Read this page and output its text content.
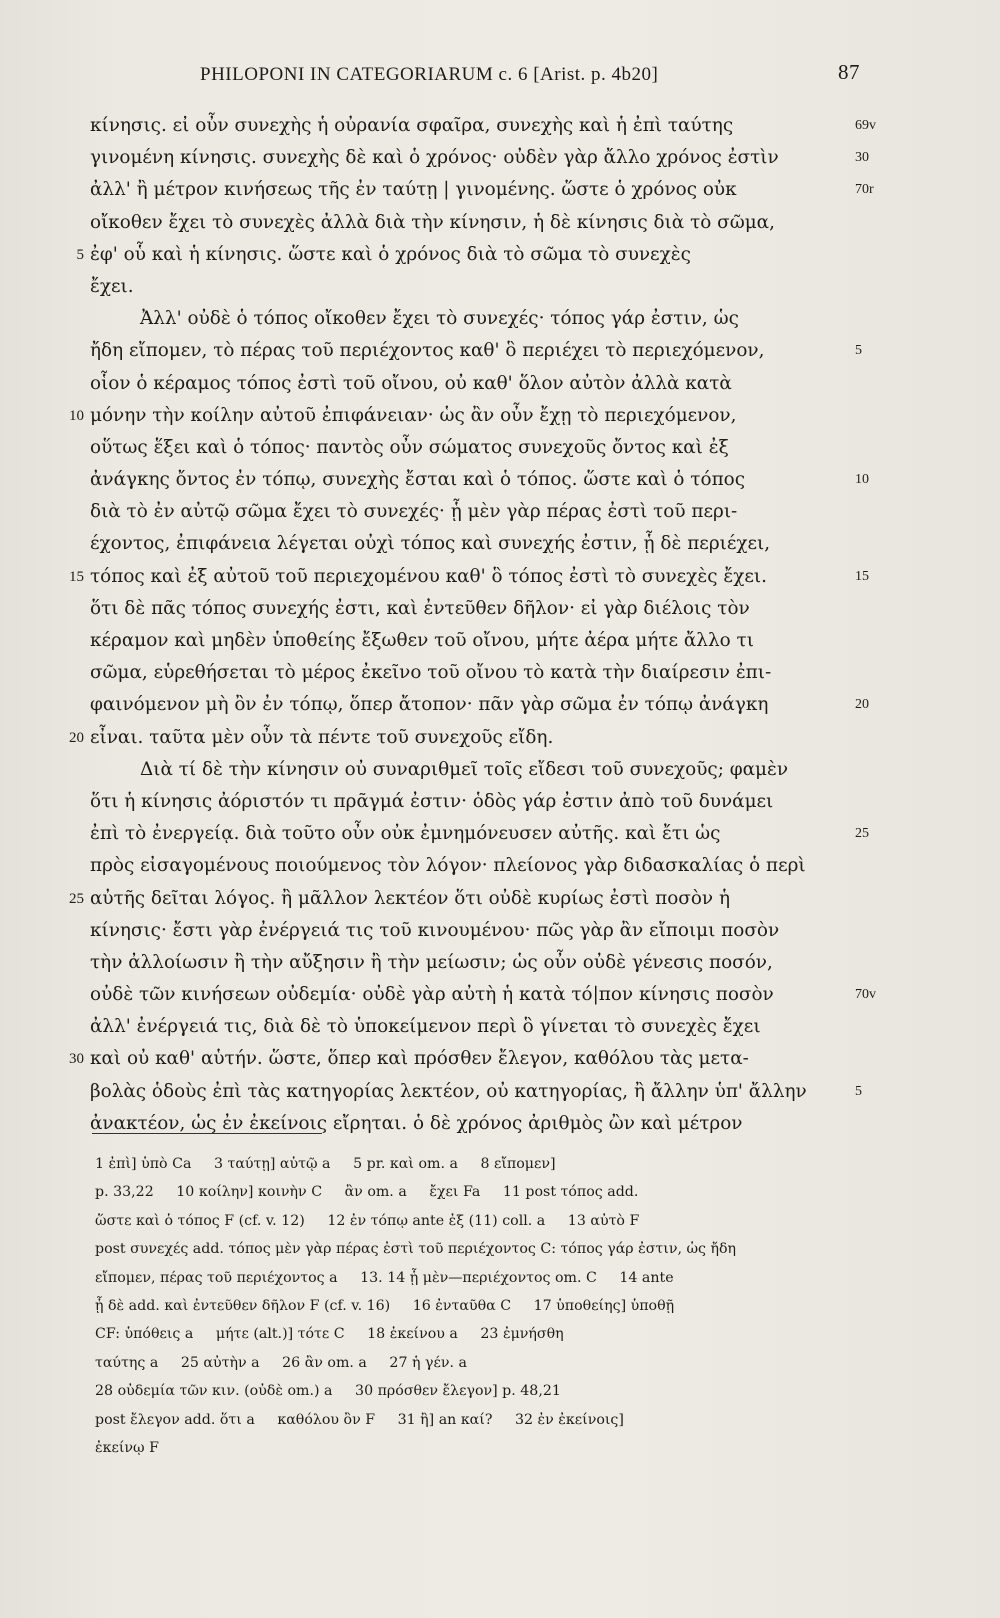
PHILOPONI IN CATEGORIARUM c. 6 [Arist. p. 4b20]	87
κίνησις. εἰ οὖν συνεχὴς ἡ οὐρανία σφαῖρα, συνεχὴς καὶ ἡ ἐπὶ ταύτης	69v
γινομένη κίνησις. συνεχὴς δὲ καὶ ὁ χρόνος· οὐδὲν γὰρ ἄλλο χρόνος ἐστὶν	30
ἀλλ' ἢ μέτρον κινήσεως τῆς ἐν ταύτῃ | γινομένης. ὥστε ὁ χρόνος οὐκ	70r
οἴκοθεν ἔχει τὸ συνεχὲς ἀλλὰ διὰ τὴν κίνησιν, ἡ δὲ κίνησις διὰ τὸ σῶμα,
5 ἐφ' οὗ καὶ ἡ κίνησις. ὥστε καὶ ὁ χρόνος διὰ τὸ σῶμα τὸ συνεχὲς
ἔχει.
Ἀλλ' οὐδὲ ὁ τόπος οἴκοθεν ἔχει τὸ συνεχές· τόπος γάρ ἐστιν, ὡς
ἤδη εἴπομεν, τὸ πέρας τοῦ περιέχοντος καθ' ὃ περιέχει τὸ περιεχόμενον,	5
οἷον ὁ κέραμος τόπος ἐστὶ τοῦ οἴνου, οὐ καθ' ὅλον αὐτὸν ἀλλὰ κατὰ
10 μόνην τὴν κοίλην αὐτοῦ ἐπιφάνειαν· ὡς ἂν οὖν ἔχῃ τὸ περιεχόμενον,
οὕτως ἕξει καὶ ὁ τόπος· παντὸς οὖν σώματος συνεχοῦς ὄντος καὶ ἐξ
ἀνάγκης ὄντος ἐν τόπῳ, συνεχὴς ἔσται καὶ ὁ τόπος. ὥστε καὶ ὁ τόπος	10
διὰ τὸ ἐν αὐτῷ σῶμα ἔχει τὸ συνεχές· ᾗ μὲν γὰρ πέρας ἐστὶ τοῦ περι-
έχοντος, ἐπιφάνεια λέγεται οὐχὶ τόπος καὶ συνεχής ἐστιν, ᾗ δὲ περιέχει,
15 τόπος καὶ ἐξ αὐτοῦ τοῦ περιεχομένου καθ' ὃ τόπος ἐστὶ τὸ συνεχὲς ἔχει.	15
ὅτι δὲ πᾶς τόπος συνεχής ἐστι, καὶ ἐντεῦθεν δῆλον· εἰ γὰρ διέλοις τὸν
κέραμον καὶ μηδὲν ὑποθείης ἔξωθεν τοῦ οἴνου, μήτε ἀέρα μήτε ἄλλο τι
σῶμα, εὑρεθήσεται τὸ μέρος ἐκεῖνο τοῦ οἴνου τὸ κατὰ τὴν διαίρεσιν ἐπι-
φαινόμενον μὴ ὂν ἐν τόπῳ, ὅπερ ἄτοπον· πᾶν γὰρ σῶμα ἐν τόπῳ ἀνάγκη	20
20 εἶναι. ταῦτα μὲν οὖν τὰ πέντε τοῦ συνεχοῦς εἴδη.
Διὰ τί δὲ τὴν κίνησιν οὐ συναριθμεῖ τοῖς εἴδεσι τοῦ συνεχοῦς; φαμὲν
ὅτι ἡ κίνησις ἀόριστόν τι πρᾶγμά ἐστιν· ὁδὸς γάρ ἐστιν ἀπὸ τοῦ δυνάμει
ἐπὶ τὸ ἐνεργείᾳ. διὰ τοῦτο οὖν οὐκ ἐμνημόνευσεν αὐτῆς. καὶ ἔτι ὡς	25
πρὸς εἰσαγομένους ποιούμενος τὸν λόγον· πλείονος γὰρ διδασκαλίας ὁ περὶ
25 αὐτῆς δεῖται λόγος. ἢ μᾶλλον λεκτέον ὅτι οὐδὲ κυρίως ἐστὶ ποσὸν ἡ
κίνησις· ἔστι γὰρ ἐνέργειά τις τοῦ κινουμένου· πῶς γὰρ ἂν εἴποιμι ποσὸν
τὴν ἀλλοίωσιν ἢ τὴν αὔξησιν ἢ τὴν μείωσιν; ὡς οὖν οὐδὲ γένεσις ποσόν,
οὐδὲ τῶν κινήσεων οὐδεμία· οὐδὲ γὰρ αὐτὴ ἡ κατὰ τό|πον κίνησις ποσὸν	70v
ἀλλ' ἐνέργειά τις, διὰ δὲ τὸ ὑποκείμενον περὶ ὃ γίνεται τὸ συνεχὲς ἔχει
30 καὶ οὐ καθ' αὑτήν. ὥστε, ὅπερ καὶ πρόσθεν ἔλεγον, καθόλου τὰς μετα-
βολὰς ὁδοὺς ἐπὶ τὰς κατηγορίας λεκτέον, οὐ κατηγορίας, ἢ ἄλλην ὑπ' ἄλλην	5
ἀνακτέον, ὡς ἐν ἐκείνοις εἴρηται. ὁ δὲ χρόνος ἀριθμὸς ὢν καὶ μέτρον
1 ἐπὶ] ὑπὸ Ca     3 ταύτῃ] αὐτῷ a     5 pr. καὶ om. a     8 εἴπομεν]
p. 33,22     10 κοίλην] κοινὴν C     ἂν om. a     ἔχει Fa     11 post τόπος add.
ὥστε καὶ ὁ τόπος F (cf. v. 12)     12 ἐν τόπῳ ante ἐξ (11) coll. a     13 αὐτὸ F
post συνεχές add. τόπος μὲν γὰρ πέρας ἐστὶ τοῦ περιέχοντος C: τόπος γάρ ἐστιν, ὡς ἤδη
εἴπομεν, πέρας τοῦ περιέχοντος a     13. 14 ᾗ μὲν—περιέχοντος om. C     14 ante
ᾗ δὲ add. καὶ ἐντεῦθεν δῆλον F (cf. v. 16)     16 ἐνταῦθα C     17 ὑποθείης] ὑποθῇ
CF: ὑπόθεις a     μήτε (alt.)] τότε C     18 ἐκείνου a     23 ἐμνήσθη
ταύτης a     25 αὐτὴν a     26 ἂν om. a     27 ἡ γέν. a
28 οὐδεμία τῶν κιν. (οὐδὲ om.) a     30 πρόσθεν ἔλεγον] p. 48,21
post ἔλεγον add. ὅτι a     καθόλου ὂν F     31 ἢ] an καί?     32 ἐν ἐκείνοις]
ἐκείνῳ F
